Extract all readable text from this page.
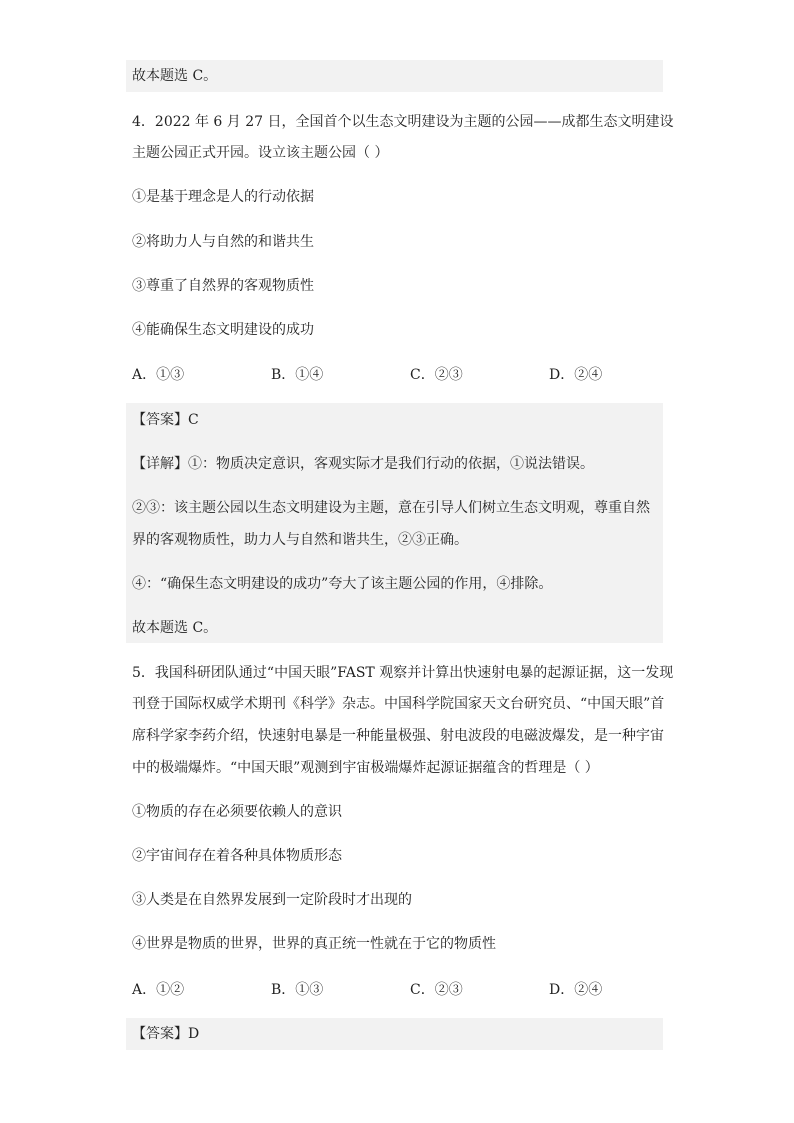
故本题选 C。
4．2022 年 6 月 27 日，全国首个以生态文明建设为主题的公园——成都生态文明建设
主题公园正式开园。设立该主题公园（ ）
①是基于理念是人的行动依据
②将助力人与自然的和谐共生
③尊重了自然界的客观物质性
④能确保生态文明建设的成功
A．①③	B．①④	C．②③	D．②④
【答案】C
【详解】①：物质决定意识，客观实际才是我们行动的依据，①说法错误。
②③：该主题公园以生态文明建设为主题，意在引导人们树立生态文明观，尊重自然
界的客观物质性，助力人与自然和谐共生，②③正确。
④：“确保生态文明建设的成功”夸大了该主题公园的作用，④排除。
故本题选 C。
5．我国科研团队通过“中国天眼”FAST 观察并计算出快速射电暴的起源证据，这一发现
刊登于国际权威学术期刊《科学》杂志。中国科学院国家天文台研究员、“中国天眼”首
席科学家李药介绍，快速射电暴是一种能量极强、射电波段的电磁波爆发，是一种宇宙
中的极端爆炸。“中国天眼”观测到宇宙极端爆炸起源证据蕴含的哲理是（ ）
①物质的存在必须要依赖人的意识
②宇宙间存在着各种具体物质形态
③人类是在自然界发展到一定阶段时才出现的
④世界是物质的世界，世界的真正统一性就在于它的物质性
A．①②	B．①③	C．②③	D．②④
【答案】D
